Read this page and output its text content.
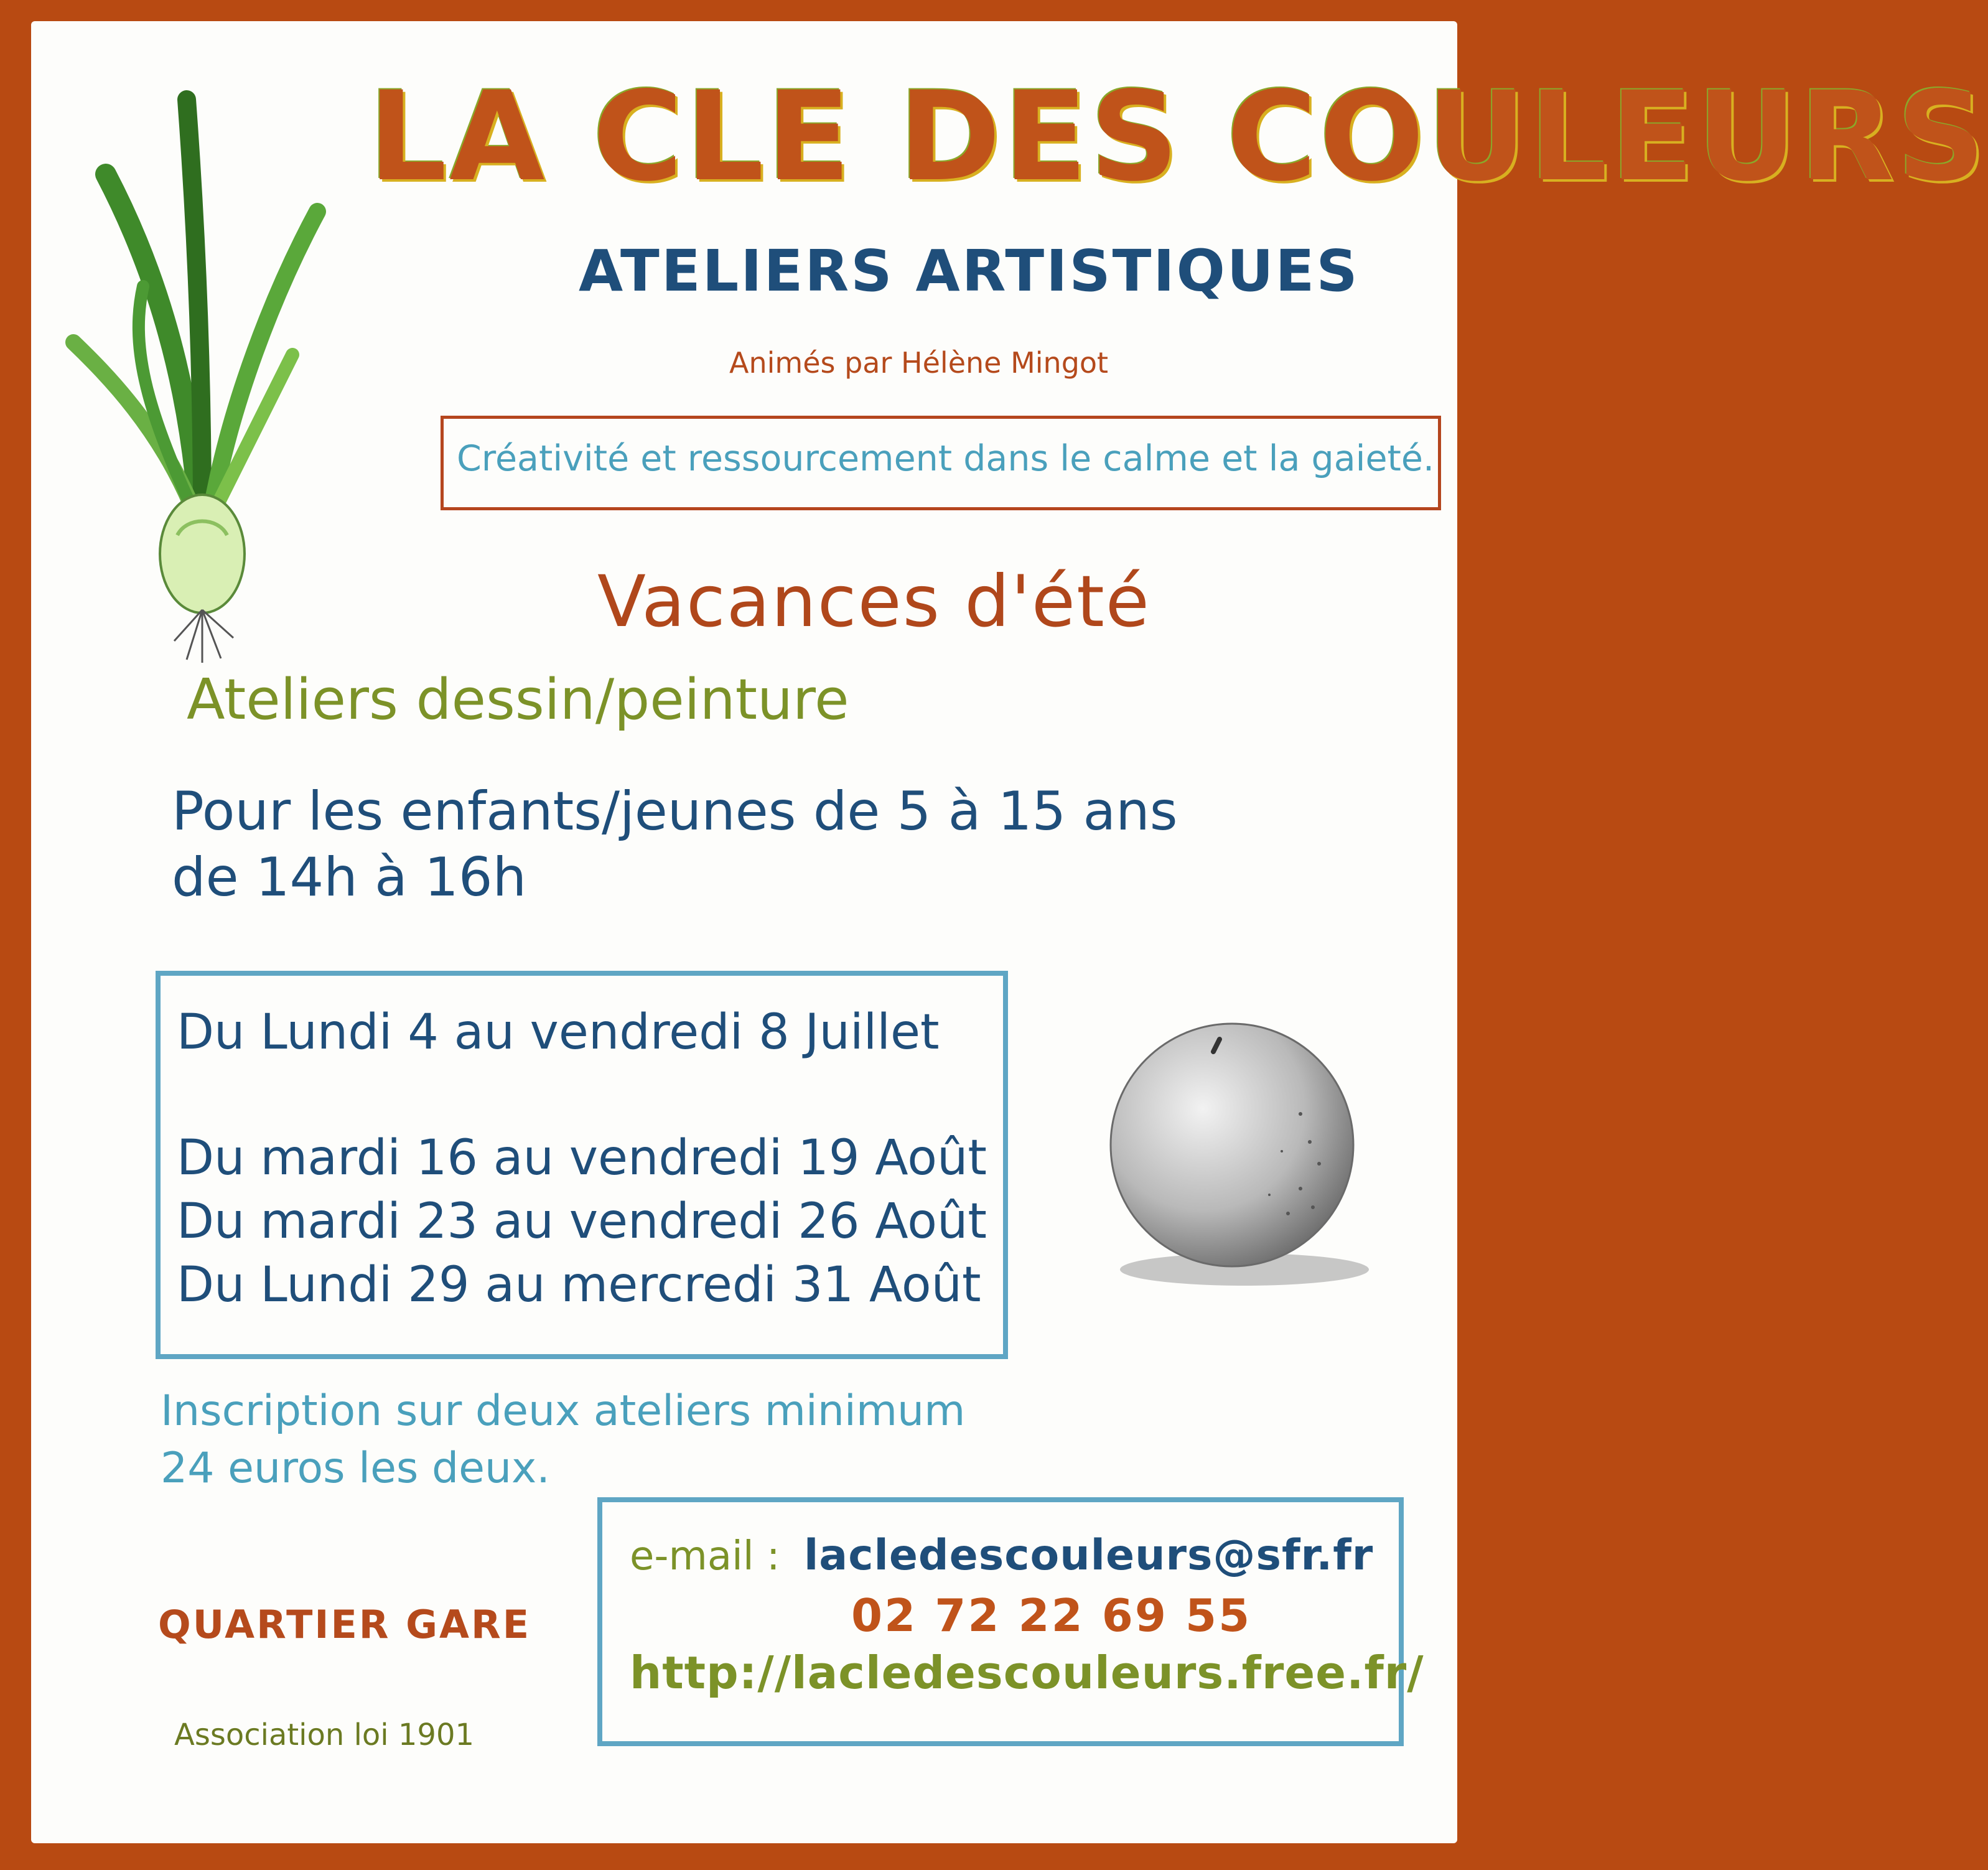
LA CLE DES COULEURS
ATELIERS ARTISTIQUES
Animés par Hélène Mingot
Créativité et ressourcement dans le calme et la gaieté.
Vacances d'été
Ateliers dessin/peinture
Pour les enfants/jeunes de 5 à 15 ans
de 14h à 16h
Du Lundi 4 au vendredi 8 Juillet
Du mardi 16 au vendredi 19 Août
Du mardi 23 au vendredi 26 Août
Du Lundi 29 au mercredi 31 Août
Inscription sur deux ateliers minimum
24 euros les deux.
e-mail : lacledescouleurs@sfr.fr
02 72 22 69 55
http://lacledescouleurs.free.fr/
QUARTIER GARE
Association loi 1901
